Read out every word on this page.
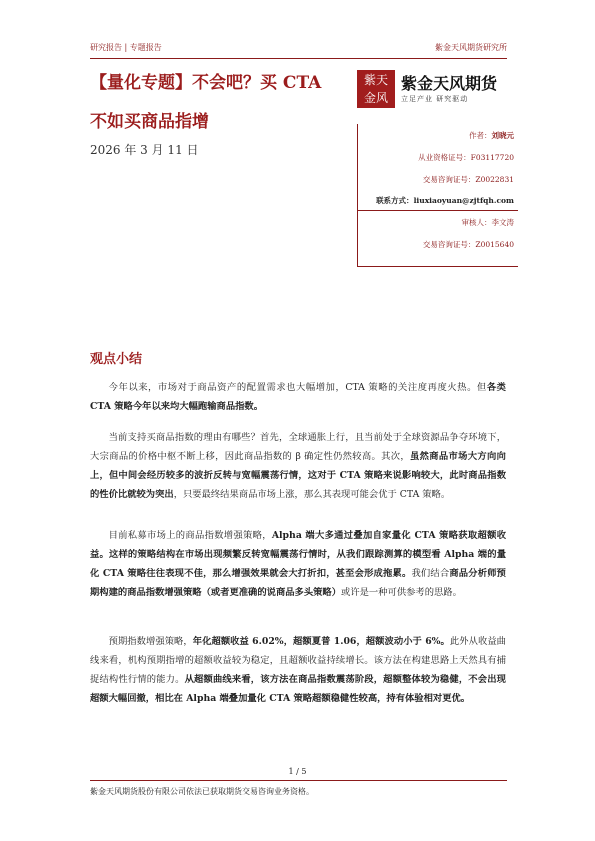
研究报告 | 专题报告	紫金天风期货研究所
【量化专题】不会吧？买 CTA
不如买商品指增
2026 年 3 月 11 日
紫天
金风
紫金天风期货
立足产业 研究驱动
作者：刘晓元
从业资格证号：F03117720
交易咨询证号：Z0022831
联系方式：liuxiaoyuan@zjtfqh.com
审核人：李文涛
交易咨询证号：Z0015640
观点小结

今年以来，市场对于商品资产的配置需求也大幅增加，CTA 策略的关注度再度火热。但各类 CTA 策略今年以来均大幅跑输商品指数。

当前支持买商品指数的理由有哪些？首先，全球通胀上行，且当前处于全球资源品争夺环境下，大宗商品的价格中枢不断上移，因此商品指数的 β 确定性仍然较高。其次，虽然商品市场大方向向上，但中间会经历较多的波折反转与宽幅震荡行情，这对于 CTA 策略来说影响较大，此时商品指数的性价比就较为突出，只要最终结果商品市场上涨，那么其表现可能会优于 CTA 策略。

目前私募市场上的商品指数增强策略，Alpha 端大多通过叠加自家量化 CTA 策略获取超额收益。这样的策略结构在市场出现频繁反转宽幅震荡行情时，从我们跟踪测算的模型看 Alpha 端的量化 CTA 策略往往表现不佳，那么增强效果就会大打折扣，甚至会形成拖累。我们结合商品分析师预期构建的商品指数增强策略（或者更准确的说商品多头策略）或许是一种可供参考的思路。

预期指数增强策略，年化超额收益 6.02%，超额夏普 1.06，超额波动小于 6%。此外从收益曲线来看，机构预期指增的超额收益较为稳定，且超额收益持续增长。该方法在构建思路上天然具有捕捉结构性行情的能力。从超额曲线来看，该方法在商品指数震荡阶段，超额整体较为稳健，不会出现超额大幅回撤，相比在 Alpha 端叠加量化 CTA 策略超额稳健性较高，持有体验相对更优。

1 / 5
紫金天风期货股份有限公司依法已获取期货交易咨询业务资格。
